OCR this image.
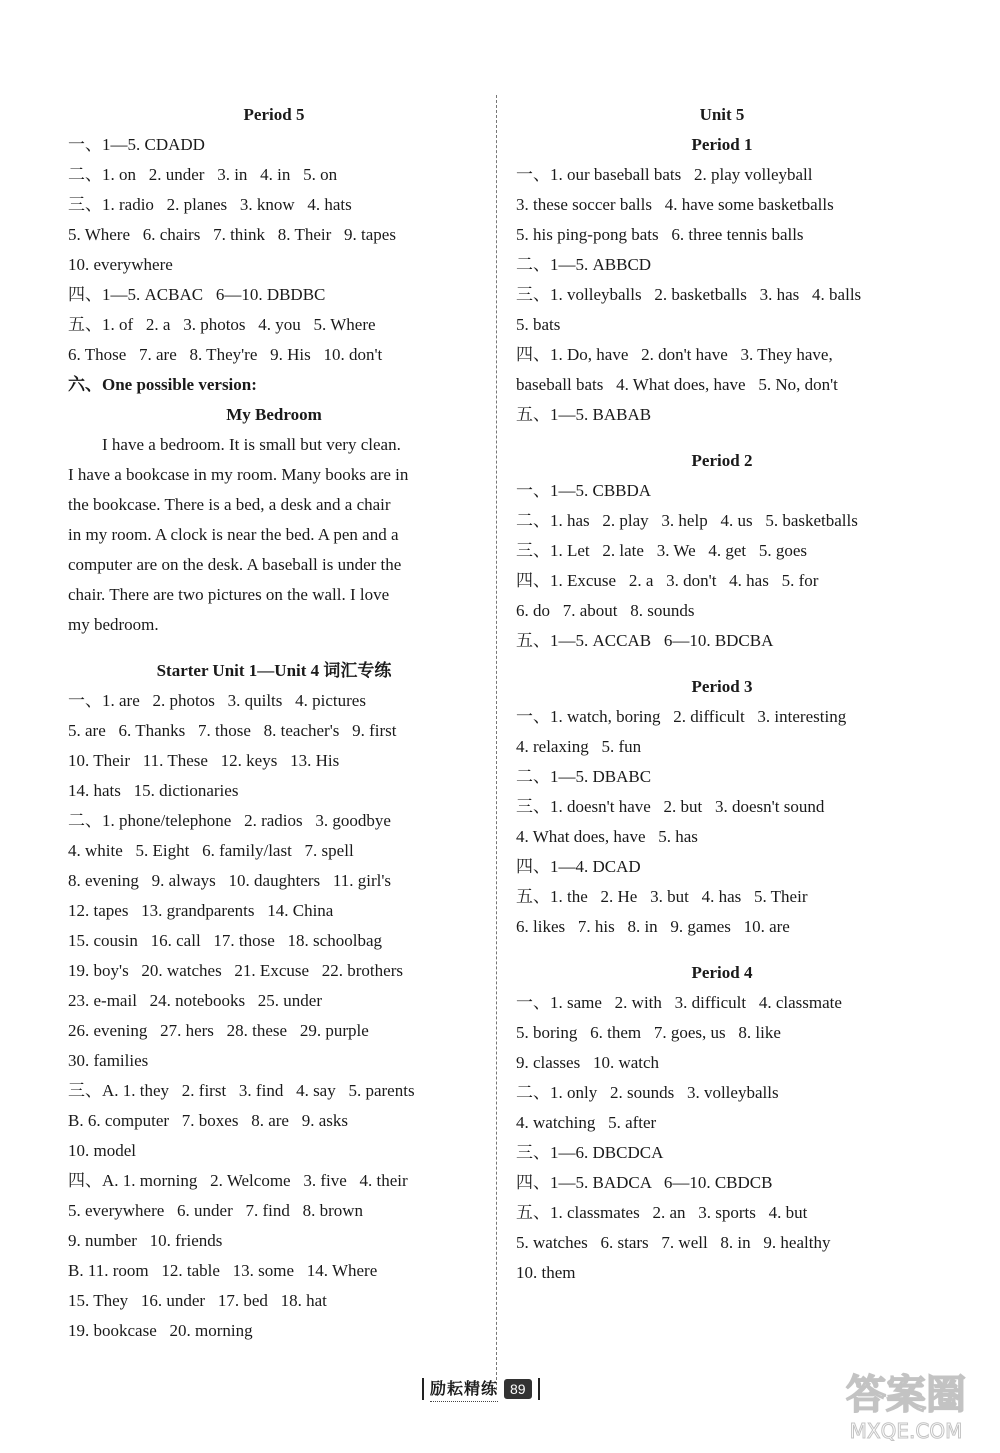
Period 5
一、1—5. CDADD
二、1. on   2. under   3. in   4. in   5. on
三、1. radio   2. planes   3. know   4. hats
5. Where   6. chairs   7. think   8. Their   9. tapes
10. everywhere
四、1—5. ACBAC   6—10. DBDBC
五、1. of   2. a   3. photos   4. you   5. Where
6. Those   7. are   8. They're   9. His   10. don't
六、One possible version:
My Bedroom
I have a bedroom. It is small but very clean.
I have a bookcase in my room. Many books are in
the bookcase. There is a bed, a desk and a chair
in my room. A clock is near the bed. A pen and a
computer are on the desk. A baseball is under the
chair. There are two pictures on the wall. I love
my bedroom.
Starter Unit 1—Unit 4 词汇专练
一、1. are   2. photos   3. quilts   4. pictures
5. are   6. Thanks   7. those   8. teacher's   9. first
10. Their   11. These   12. keys   13. His
14. hats   15. dictionaries
二、1. phone/telephone   2. radios   3. goodbye
4. white   5. Eight   6. family/last   7. spell
8. evening   9. always   10. daughters   11. girl's
12. tapes   13. grandparents   14. China
15. cousin   16. call   17. those   18. schoolbag
19. boy's   20. watches   21. Excuse   22. brothers
23. e-mail   24. notebooks   25. under
26. evening   27. hers   28. these   29. purple
30. families
三、A. 1. they   2. first   3. find   4. say   5. parents
B. 6. computer   7. boxes   8. are   9. asks
10. model
四、A. 1. morning   2. Welcome   3. five   4. their
5. everywhere   6. under   7. find   8. brown
9. number   10. friends
B. 11. room   12. table   13. some   14. Where
15. They   16. under   17. bed   18. hat
19. bookcase   20. morning
Unit 5
Period 1
一、1. our baseball bats   2. play volleyball
3. these soccer balls   4. have some basketballs
5. his ping-pong bats   6. three tennis balls
二、1—5. ABBCD
三、1. volleyballs   2. basketballs   3. has   4. balls
5. bats
四、1. Do, have   2. don't have   3. They have,
baseball bats   4. What does, have   5. No, don't
五、1—5. BABAB
Period 2
一、1—5. CBBDA
二、1. has   2. play   3. help   4. us   5. basketballs
三、1. Let   2. late   3. We   4. get   5. goes
四、1. Excuse   2. a   3. don't   4. has   5. for
6. do   7. about   8. sounds
五、1—5. ACCAB   6—10. BDCBA
Period 3
一、1. watch, boring   2. difficult   3. interesting
4. relaxing   5. fun
二、1—5. DBABC
三、1. doesn't have   2. but   3. doesn't sound
4. What does, have   5. has
四、1—4. DCAD
五、1. the   2. He   3. but   4. has   5. Their
6. likes   7. his   8. in   9. games   10. are
Period 4
一、1. same   2. with   3. difficult   4. classmate
5. boring   6. them   7. goes, us   8. like
9. classes   10. watch
二、1. only   2. sounds   3. volleyballs
4. watching   5. after
三、1—6. DBCDCA
四、1—5. BADCA   6—10. CBDCB
五、1. classmates   2. an   3. sports   4. but
5. watches   6. stars   7. well   8. in   9. healthy
10. them
励耘精练 89	答案圈
MXQE.COM
